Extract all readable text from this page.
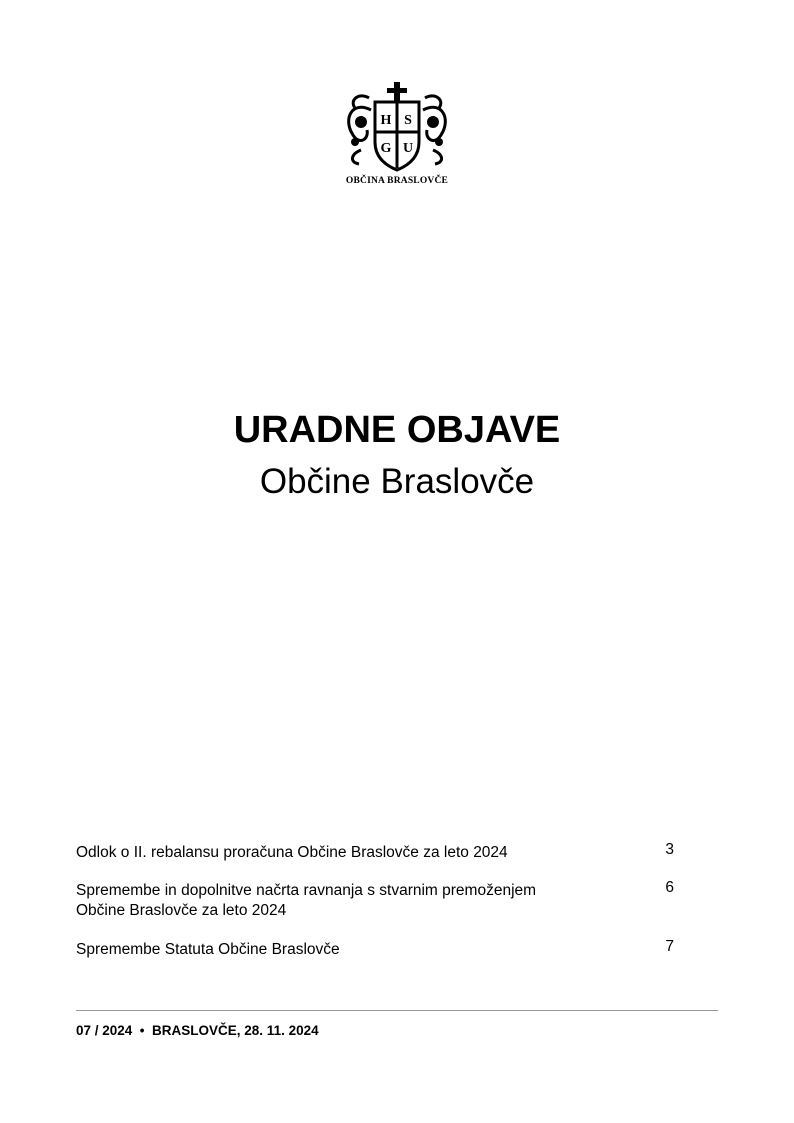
H S
G U
OBČINA BRASLOVČE
URADNE OBJAVE
Občine Braslovče
Odlok o II. rebalansu proračuna Občine Braslovče za leto 2024	3
Spremembe in dopolnitve načrta ravnanja s stvarnim premoženjem Občine Braslovče za leto 2024
6
Spremembe Statuta Občine Braslovče	7
07 / 2024  •  BRASLOVČE, 28. 11. 2024
